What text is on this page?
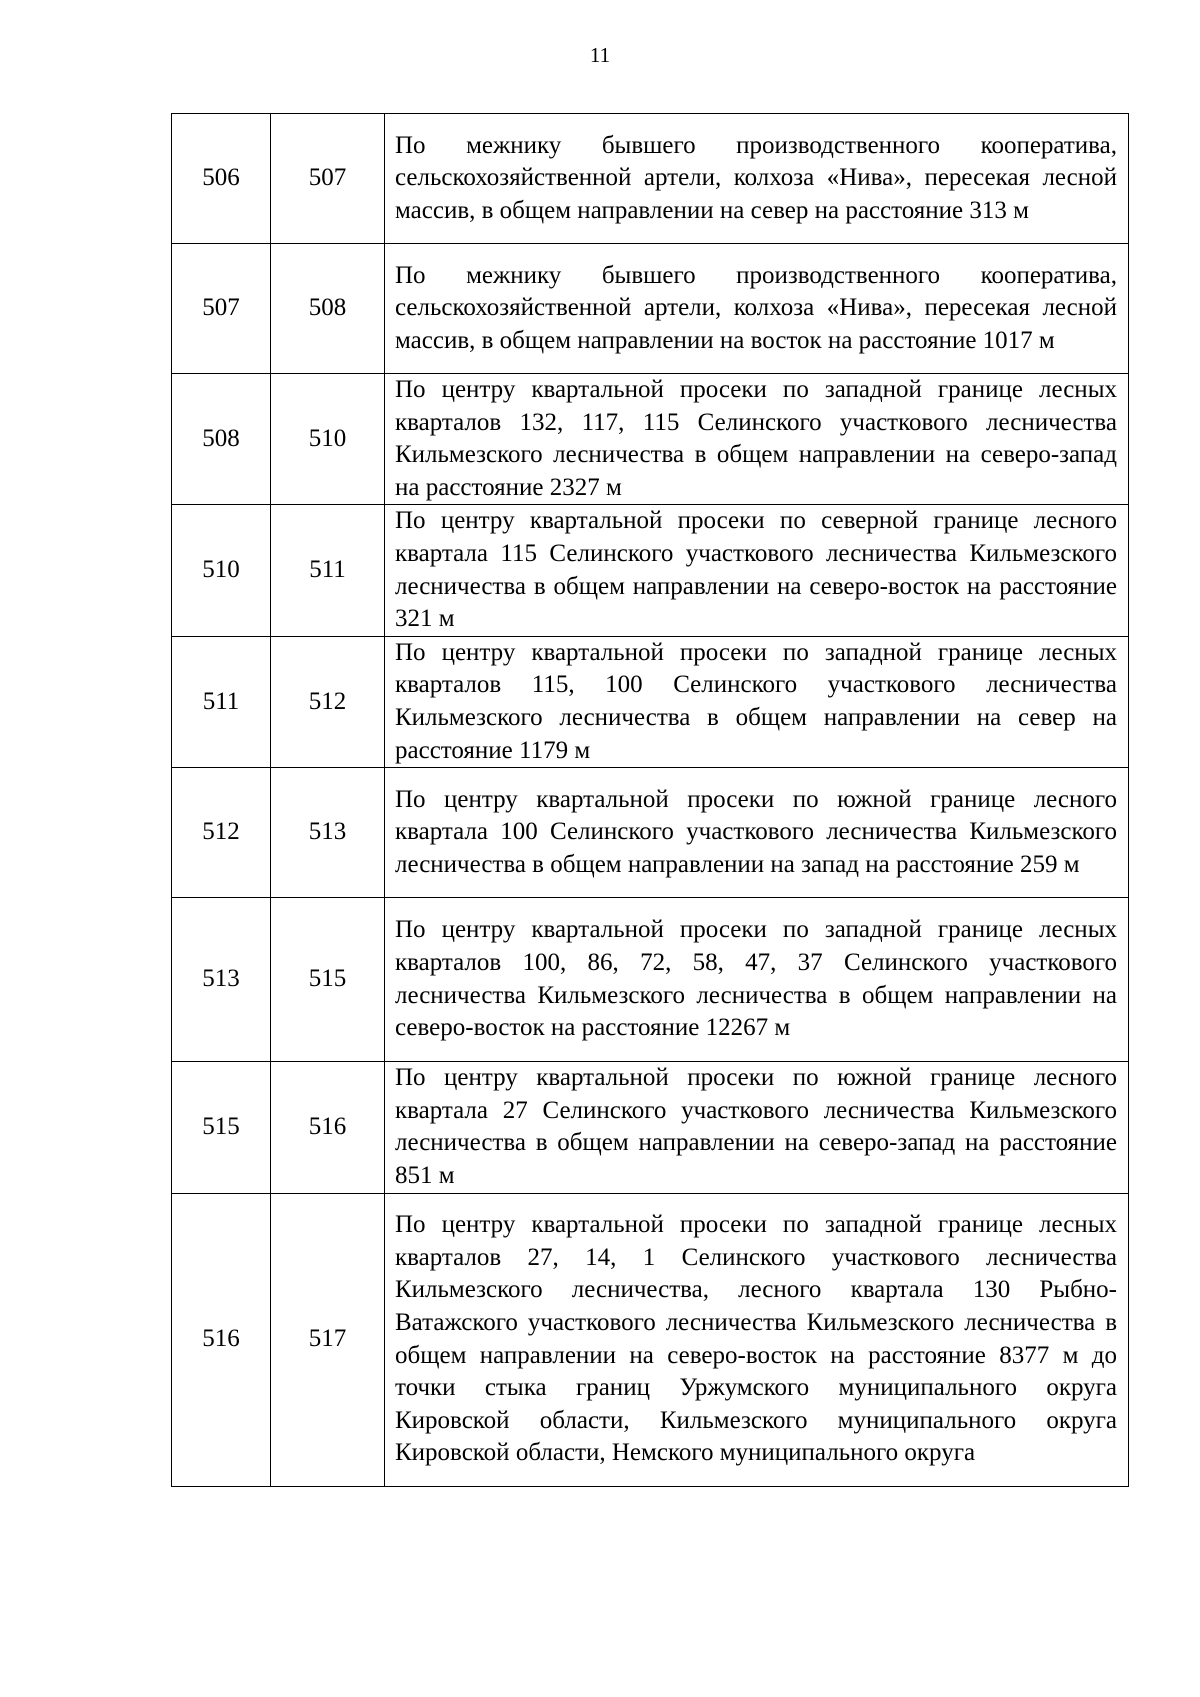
11
506	507	По межнику бывшего производственного кооператива, сельскохозяйственной артели, колхоза «Нива», пересекая лесной массив, в общем направлении на север на расстояние 313 м

507	508	По межнику бывшего производственного кооператива, сельскохозяйственной артели, колхоза «Нива», пересекая лесной массив, в общем направлении на восток на расстояние 1017 м

508	510	По центру квартальной просеки по западной границе лесных кварталов 132, 117, 115 Селинского участкового лесничества Кильмезского лесничества в общем направлении на северо-запад на расстояние 2327 м

510	511	По центру квартальной просеки по северной границе лесного квартала 115 Селинского участкового лесничества Кильмезского лесничества в общем направлении на северо-восток на расстояние 321 м

511	512	По центру квартальной просеки по западной границе лесных кварталов 115, 100 Селинского участкового лесничества Кильмезского лесничества в общем направлении на север на расстояние 1179 м

512	513	По центру квартальной просеки по южной границе лесного квартала 100 Селинского участкового лесничества Кильмезского лесничества в общем направлении на запад на расстояние 259 м

513	515	По центру квартальной просеки по западной границе лесных кварталов 100, 86, 72, 58, 47, 37 Селинского участкового лесничества Кильмезского лесничества в общем направлении на северо-восток на расстояние 12267 м

515	516	По центру квартальной просеки по южной границе лесного квартала 27 Селинского участкового лесничества Кильмезского лесничества в общем направлении на северо-запад на расстояние 851 м

516	517	По центру квартальной просеки по западной границе лесных кварталов 27, 14, 1 Селинского участкового лесничества Кильмезского лесничества, лесного квартала 130 Рыбно-Ватажского участкового лесничества Кильмезского лесничества в общем направлении на северо-восток на расстояние 8377 м до точки стыка границ Уржумского муниципального округа Кировской области, Кильмезского муниципального округа Кировской области, Немского муниципального округа
